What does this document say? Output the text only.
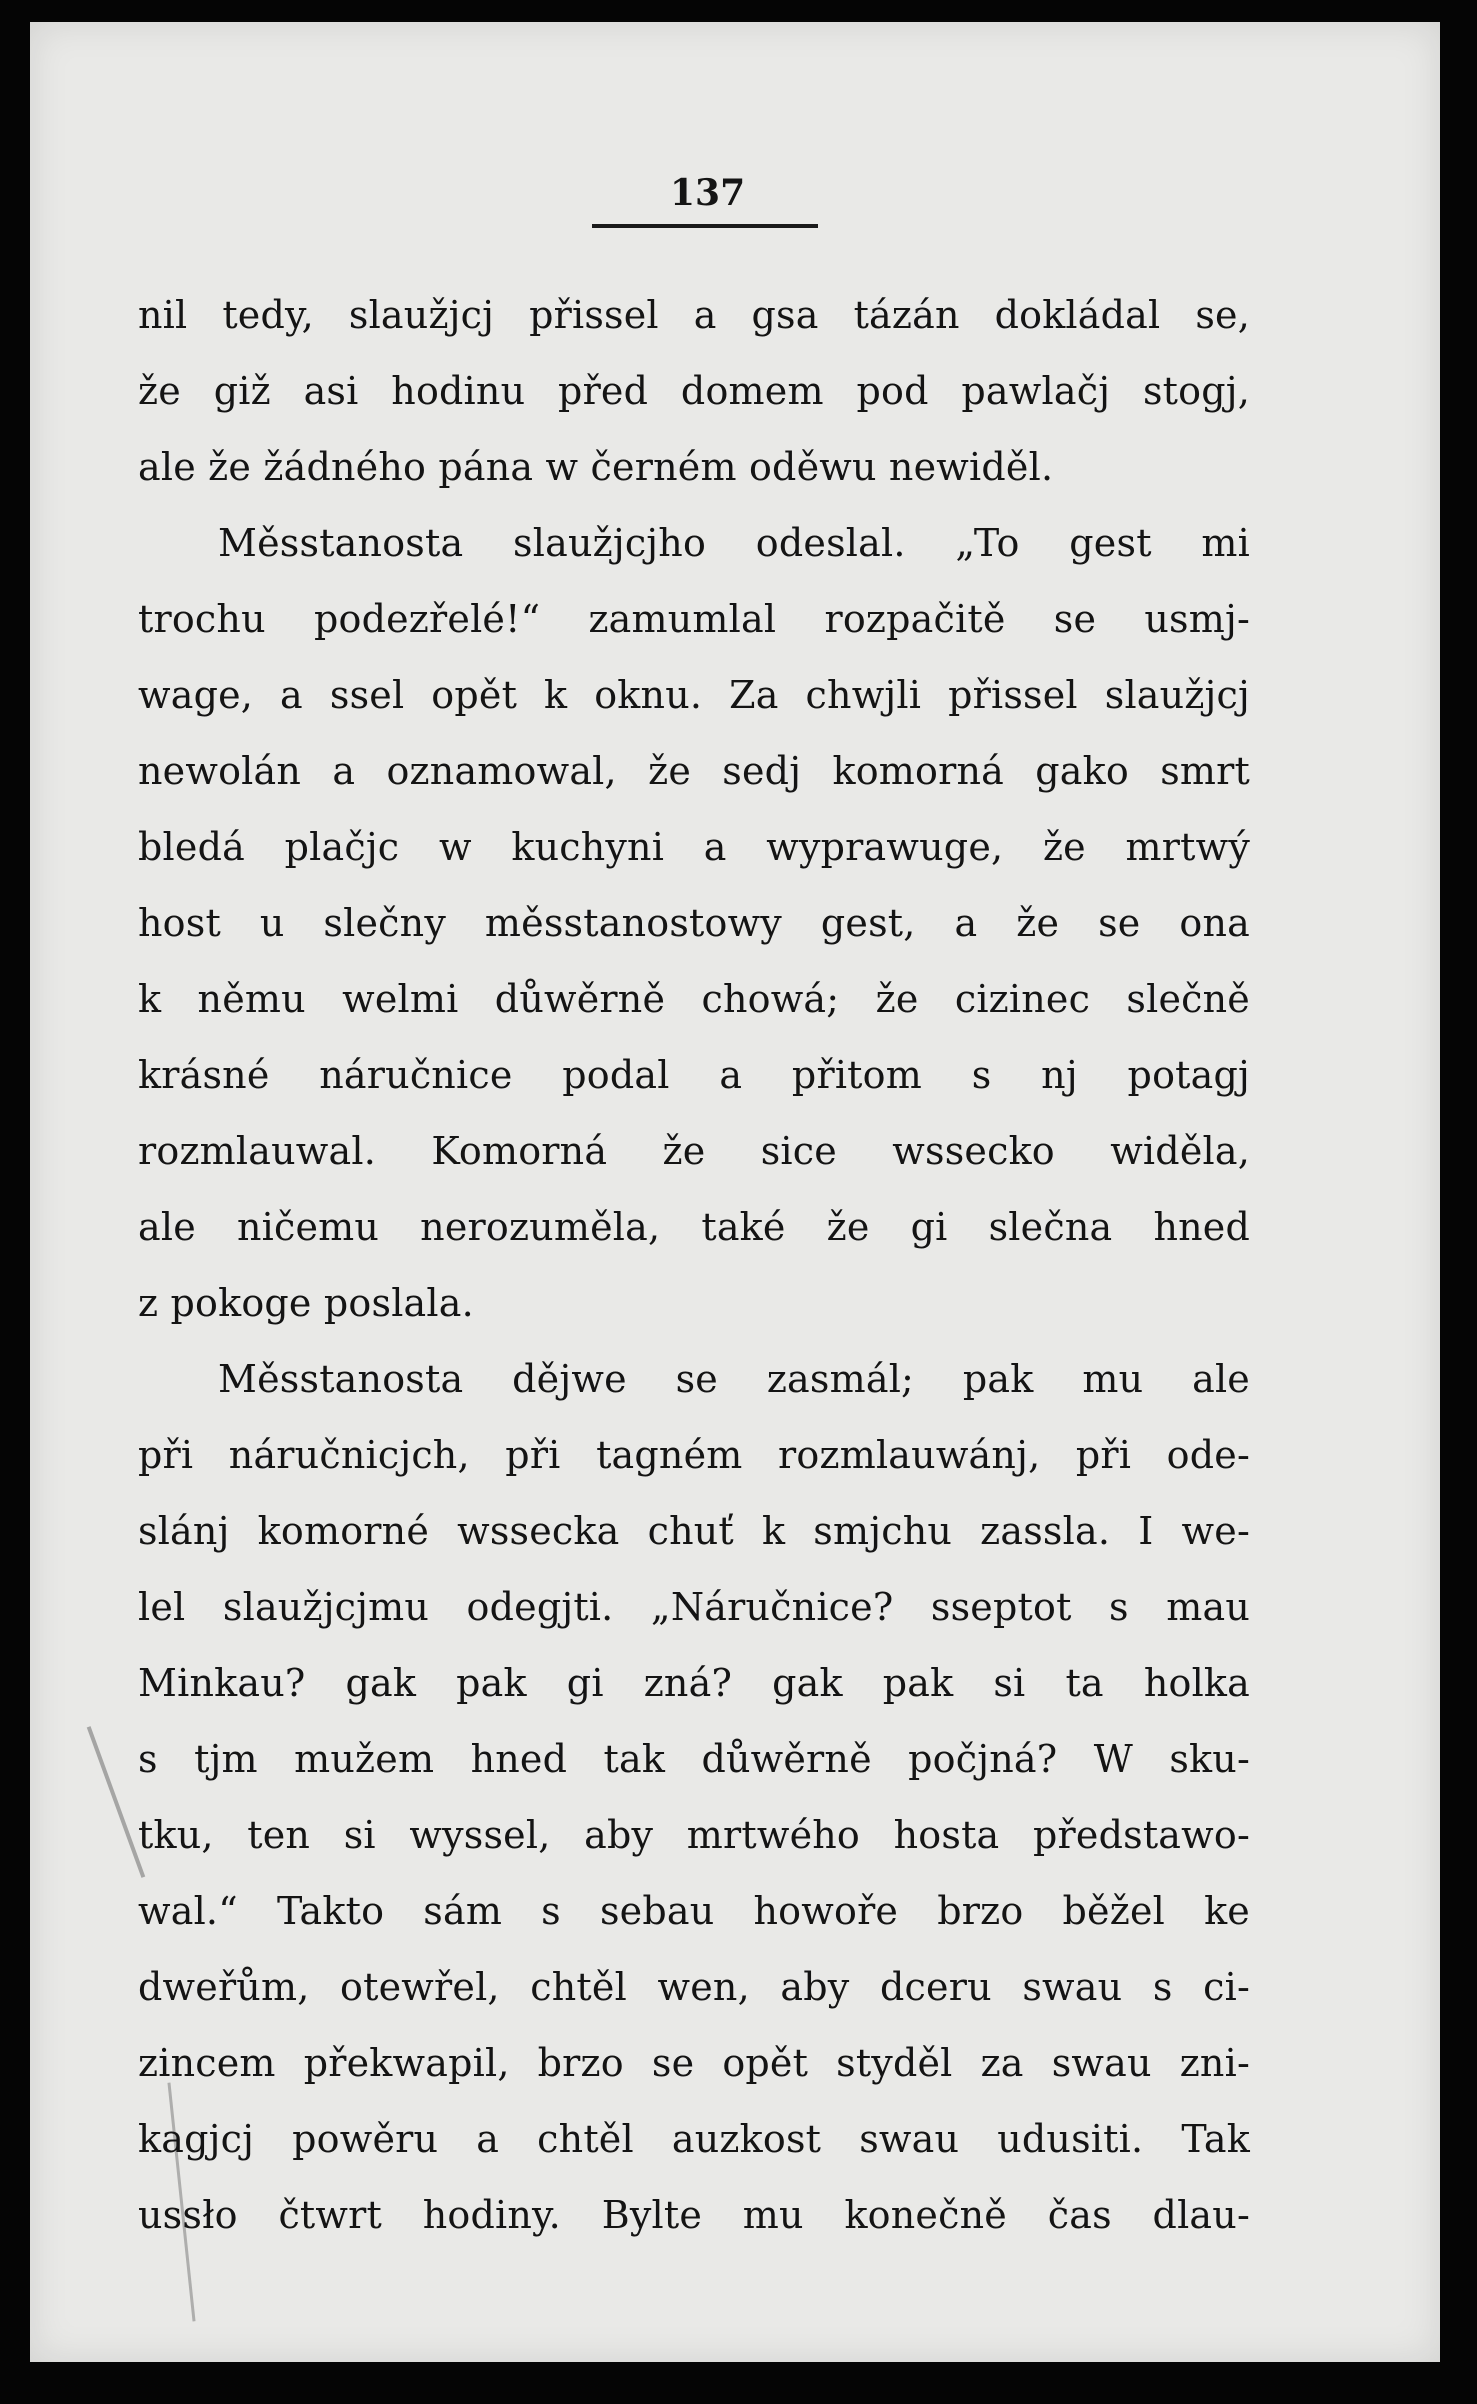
137
nil tedy, slaužjcj přissel a gsa tázán dokládal se,
že giž asi hodinu před domem pod pawlačj stogj,
ale že žádného pána w černém oděwu newiděl.
Měsstanosta slaužjcjho odeslal. „To gest mi
trochu podezřelé!“ zamumlal rozpačitě se usmj-
wage, a ssel opět k oknu. Za chwjli přissel slaužjcj
newolán a oznamowal, že sedj komorná gako smrt
bledá plačjc w kuchyni a wyprawuge, že mrtwý
host u slečny měsstanostowy gest, a že se ona
k němu welmi důwěrně chowá; že cizinec slečně
krásné náručnice podal a přitom s nj potagj
rozmlauwal. Komorná že sice wssecko widěla,
ale ničemu nerozuměla, také že gi slečna hned
z pokoge poslala.
Měsstanosta dějwe se zasmál; pak mu ale
při náručnicjch, při tagném rozmlauwánj, při ode-
slánj komorné wssecka chuť k smjchu zassla. I we-
lel slaužjcjmu odegjti. „Náručnice? sseptot s mau
Minkau? gak pak gi zná? gak pak si ta holka
s tjm mužem hned tak důwěrně počjná? W sku-
tku, ten si wyssel, aby mrtwého hosta předstawo-
wal.“ Takto sám s sebau howoře brzo běžel ke
dweřům, otewřel, chtěl wen, aby dceru swau s ci-
zincem překwapil, brzo se opět styděl za swau zni-
kagjcj powěru a chtěl auzkost swau udusiti. Tak
ussło čtwrt hodiny. Bylte mu konečně čas dlau-
